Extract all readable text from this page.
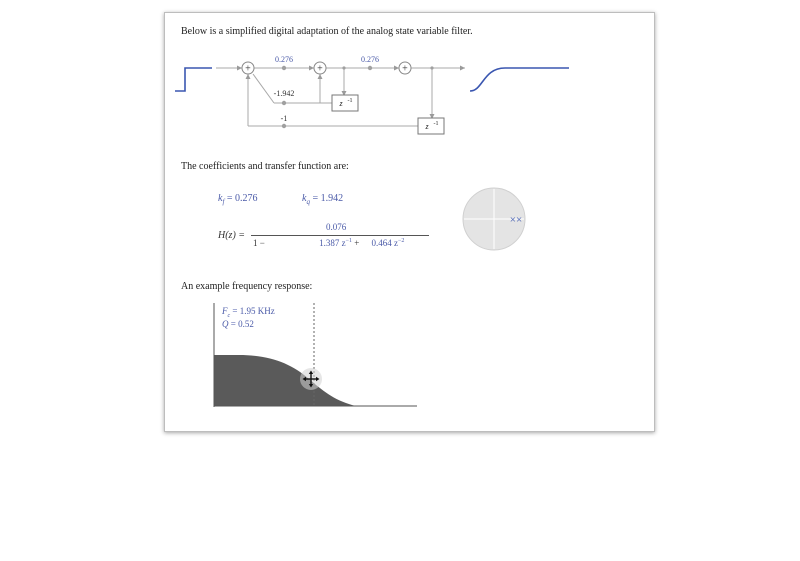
Below is a simplified digital adaptation of the analog state variable filter.
+	+	+
z -1
z -1
0.276	0.276
-1.942
-1
The coefficients and transfer function are:
$k_f = 0.276$	$k_q = 1.942$
H(z) =
0.076
1 −	1.387 $z^{-1} + 0.464$ $z^{-2}$
××
An example frequency response:
$F_c = 1.95$ KHz
Q = 0.52
